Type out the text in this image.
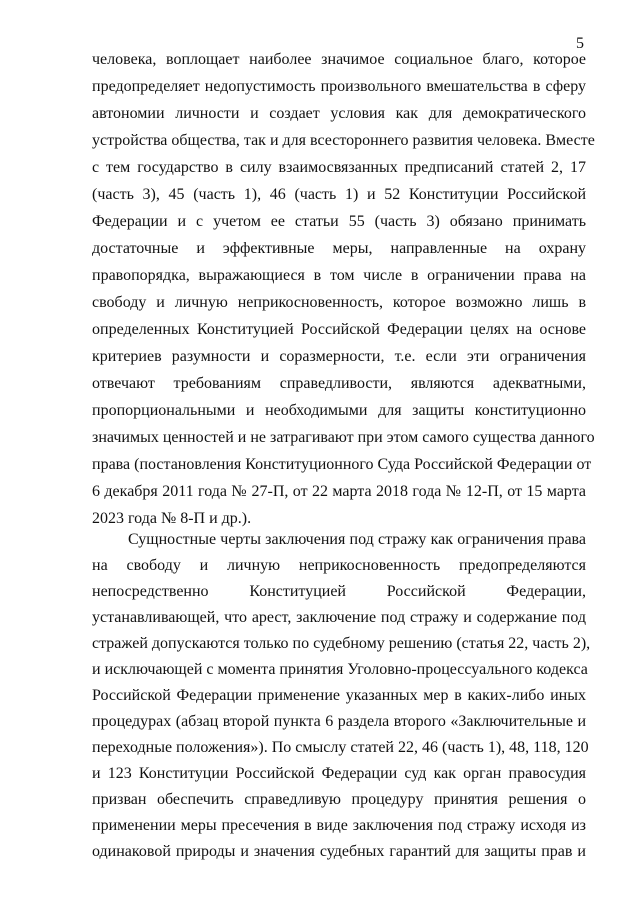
5
человека, воплощает наиболее значимое социальное благо, которое
предопределяет недопустимость произвольного вмешательства в сферу
автономии личности и создает условия как для демократического
устройства общества, так и для всестороннего развития человека. Вместе
с тем государство в силу взаимосвязанных предписаний статей 2, 17
(часть 3), 45 (часть 1), 46 (часть 1) и 52 Конституции Российской
Федерации и с учетом ее статьи 55 (часть 3) обязано принимать
достаточные и эффективные меры, направленные на охрану
правопорядка, выражающиеся в том числе в ограничении права на
свободу и личную неприкосновенность, которое возможно лишь в
определенных Конституцией Российской Федерации целях на основе
критериев разумности и соразмерности, т.е. если эти ограничения
отвечают требованиям справедливости, являются адекватными,
пропорциональными и необходимыми для защиты конституционно
значимых ценностей и не затрагивают при этом самого существа данного
права (постановления Конституционного Суда Российской Федерации от
6 декабря 2011 года № 27-П, от 22 марта 2018 года № 12-П, от 15 марта
2023 года № 8-П и др.).
Сущностные черты заключения под стражу как ограничения права
на свободу и личную неприкосновенность предопределяются
непосредственно Конституцией Российской Федерации,
устанавливающей, что арест, заключение под стражу и содержание под
стражей допускаются только по судебному решению (статья 22, часть 2),
и исключающей с момента принятия Уголовно-процессуального кодекса
Российской Федерации применение указанных мер в каких-либо иных
процедурах (абзац второй пункта 6 раздела второго «Заключительные и
переходные положения»). По смыслу статей 22, 46 (часть 1), 48, 118, 120
и 123 Конституции Российской Федерации суд как орган правосудия
призван обеспечить справедливую процедуру принятия решения о
применении меры пресечения в виде заключения под стражу исходя из
одинаковой природы и значения судебных гарантий для защиты прав и
